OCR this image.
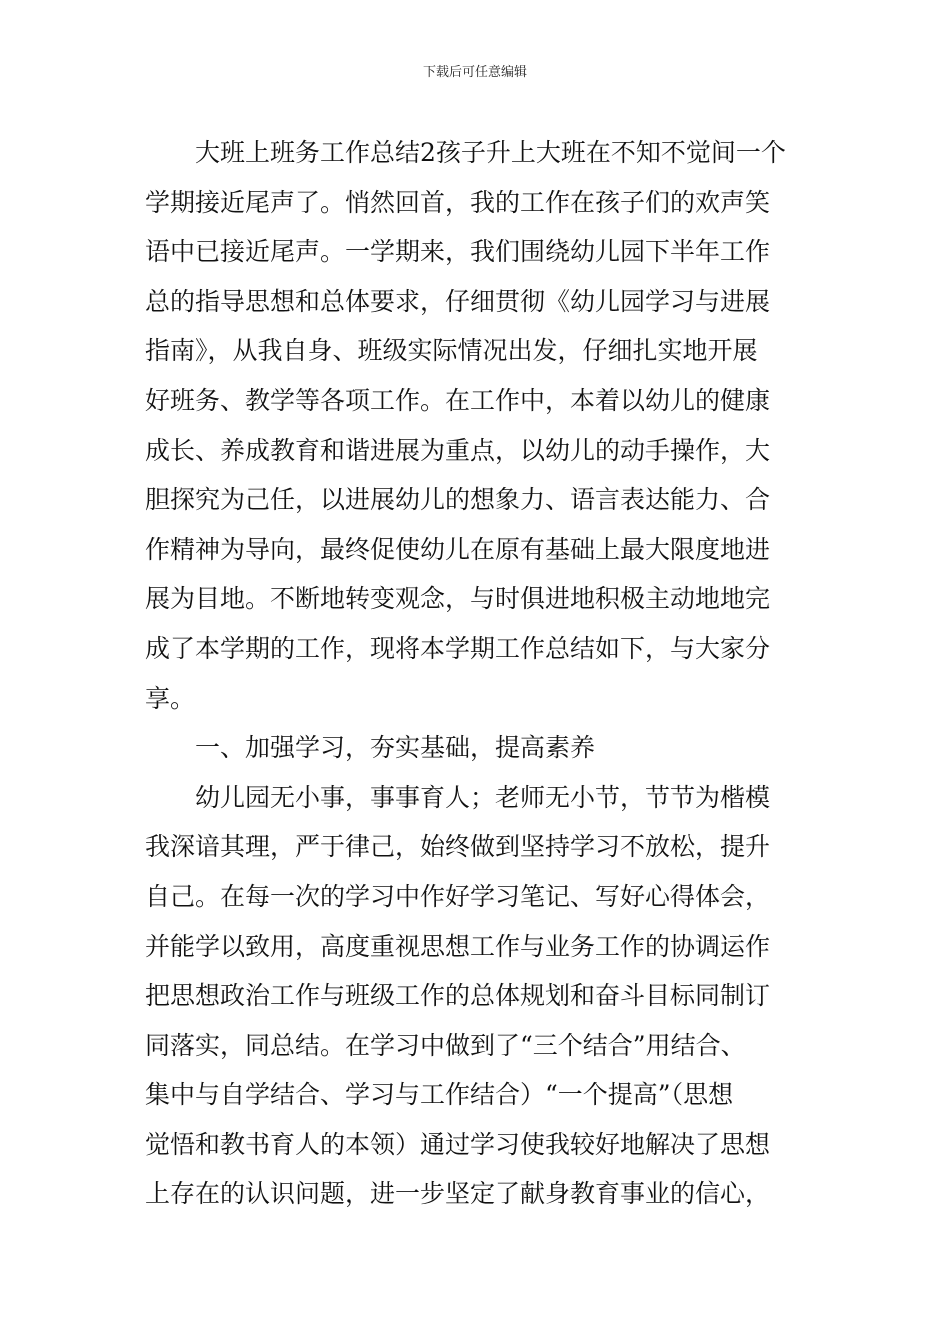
下载后可任意编辑
大班上班务工作总结2孩子升上大班在不知不觉间一个
学期接近尾声了。悄然回首，我的工作在孩子们的欢声笑
语中已接近尾声。一学期来，我们围绕幼儿园下半年工作
总的指导思想和总体要求，仔细贯彻《幼儿园学习与进展
指南》，从我自身、班级实际情况出发，仔细扎实地开展
好班务、教学等各项工作。在工作中，本着以幼儿的健康
成长、养成教育和谐进展为重点，以幼儿的动手操作，大
胆探究为己任，以进展幼儿的想象力、语言表达能力、合
作精神为导向，最终促使幼儿在原有基础上最大限度地进
展为目地。不断地转变观念，与时俱进地积极主动地地完
成了本学期的工作，现将本学期工作总结如下，与大家分
享。
一、加强学习，夯实基础，提高素养
幼儿园无小事，事事育人；老师无小节，节节为楷模
我深谙其理，严于律己，始终做到坚持学习不放松，提升
自己。在每一次的学习中作好学习笔记、写好心得体会，
并能学以致用，高度重视思想工作与业务工作的协调运作
把思想政治工作与班级工作的总体规划和奋斗目标同制订
同落实，同总结。在学习中做到了“三个结合”用结合、
集中与自学结合、学习与工作结合）“一个提高”（思想
觉悟和教书育人的本领）通过学习使我较好地解决了思想
上存在的认识问题，进一步坚定了献身教育事业的信心，
